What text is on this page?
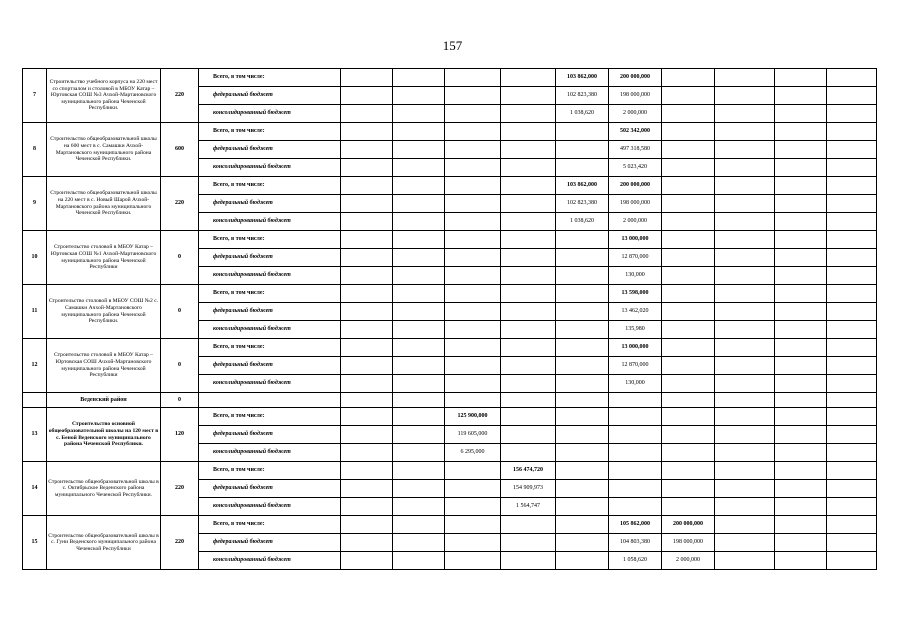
157
7	Строительство учебного корпуса на 220 мест со спортзалом и столовой в МБОУ Катар – Юртовская СОШ №3 Ачхой-Мартановского муниципального района Чеченской Республики.	220	Всего, в том числе:					103 862,000	200 000,000				
			федеральный бюджет					102 823,380	198 000,000				
			консолидированный бюджет					1 038,620	2 000,000				
8	Строительство общеобразовательной школы на 600 мест в с. Самашки Ачхой-Мартановского муниципального района Чеченской Республики.	600	Всего, в том числе:						502 342,000				
			федеральный бюджет						497 318,580				
			консолидированный бюджет						5 023,420				
9	Строительство общеобразовательной школы на 220 мест в с. Новый Шарой Ачхой-Мартановского района муниципального Чеченской Республики.	220	Всего, в том числе:					103 862,000	200 000,000				
			федеральный бюджет					102 823,380	198 000,000				
			консолидированный бюджет					1 038,620	2 000,000				
10	Строительство столовой в МБОУ Катар – Юртовская СОШ №1 Ачхой-Мартановского муниципального района Чеченской Республики	0	Всего, в том числе:						13 000,000				
			федеральный бюджет						12 870,000				
			консолидированный бюджет						130,000				
11	Строительство столовой в МБОУ СОШ №2 с. Самашки Ачхой-Мартановского муниципального района Чеченской Республики.	0	Всего, в том числе:						13 598,000				
			федеральный бюджет						13 462,020				
			консолидированный бюджет						135,980				
12	Строительство столовой в МБОУ Катар – Юртовская СОШ Ачхой-Мартановского муниципального района Чеченской Республики	0	Всего, в том числе:						13 000,000				
			федеральный бюджет						12 870,000				
			консолидированный бюджет						130,000				
	Веденский район	0											
13	Строительство основной общеобразовательной школы на 120 мест в с. Беной Веденского муниципального района Чеченской Республики.	120	Всего, в том числе:			125 900,000							
			федеральный бюджет			119 605,000							
			консолидированный бюджет			6 295,000							
14	Строительство общеобразовательной школы в с. Октябрьское Веденского района муниципального Чеченской Республики.	220	Всего, в том числе:				156 474,720						
			федеральный бюджет				154 909,973						
			консолидированный бюджет				1 564,747						
15	Строительство общеобразовательной школы в с. Гуни Веденского муниципального района Чеченской Республики	220	Всего, в том числе:						105 862,000	200 000,000			
			федеральный бюджет						104 803,380	198 000,000			
			консолидированный бюджет						1 058,620	2 000,000			
